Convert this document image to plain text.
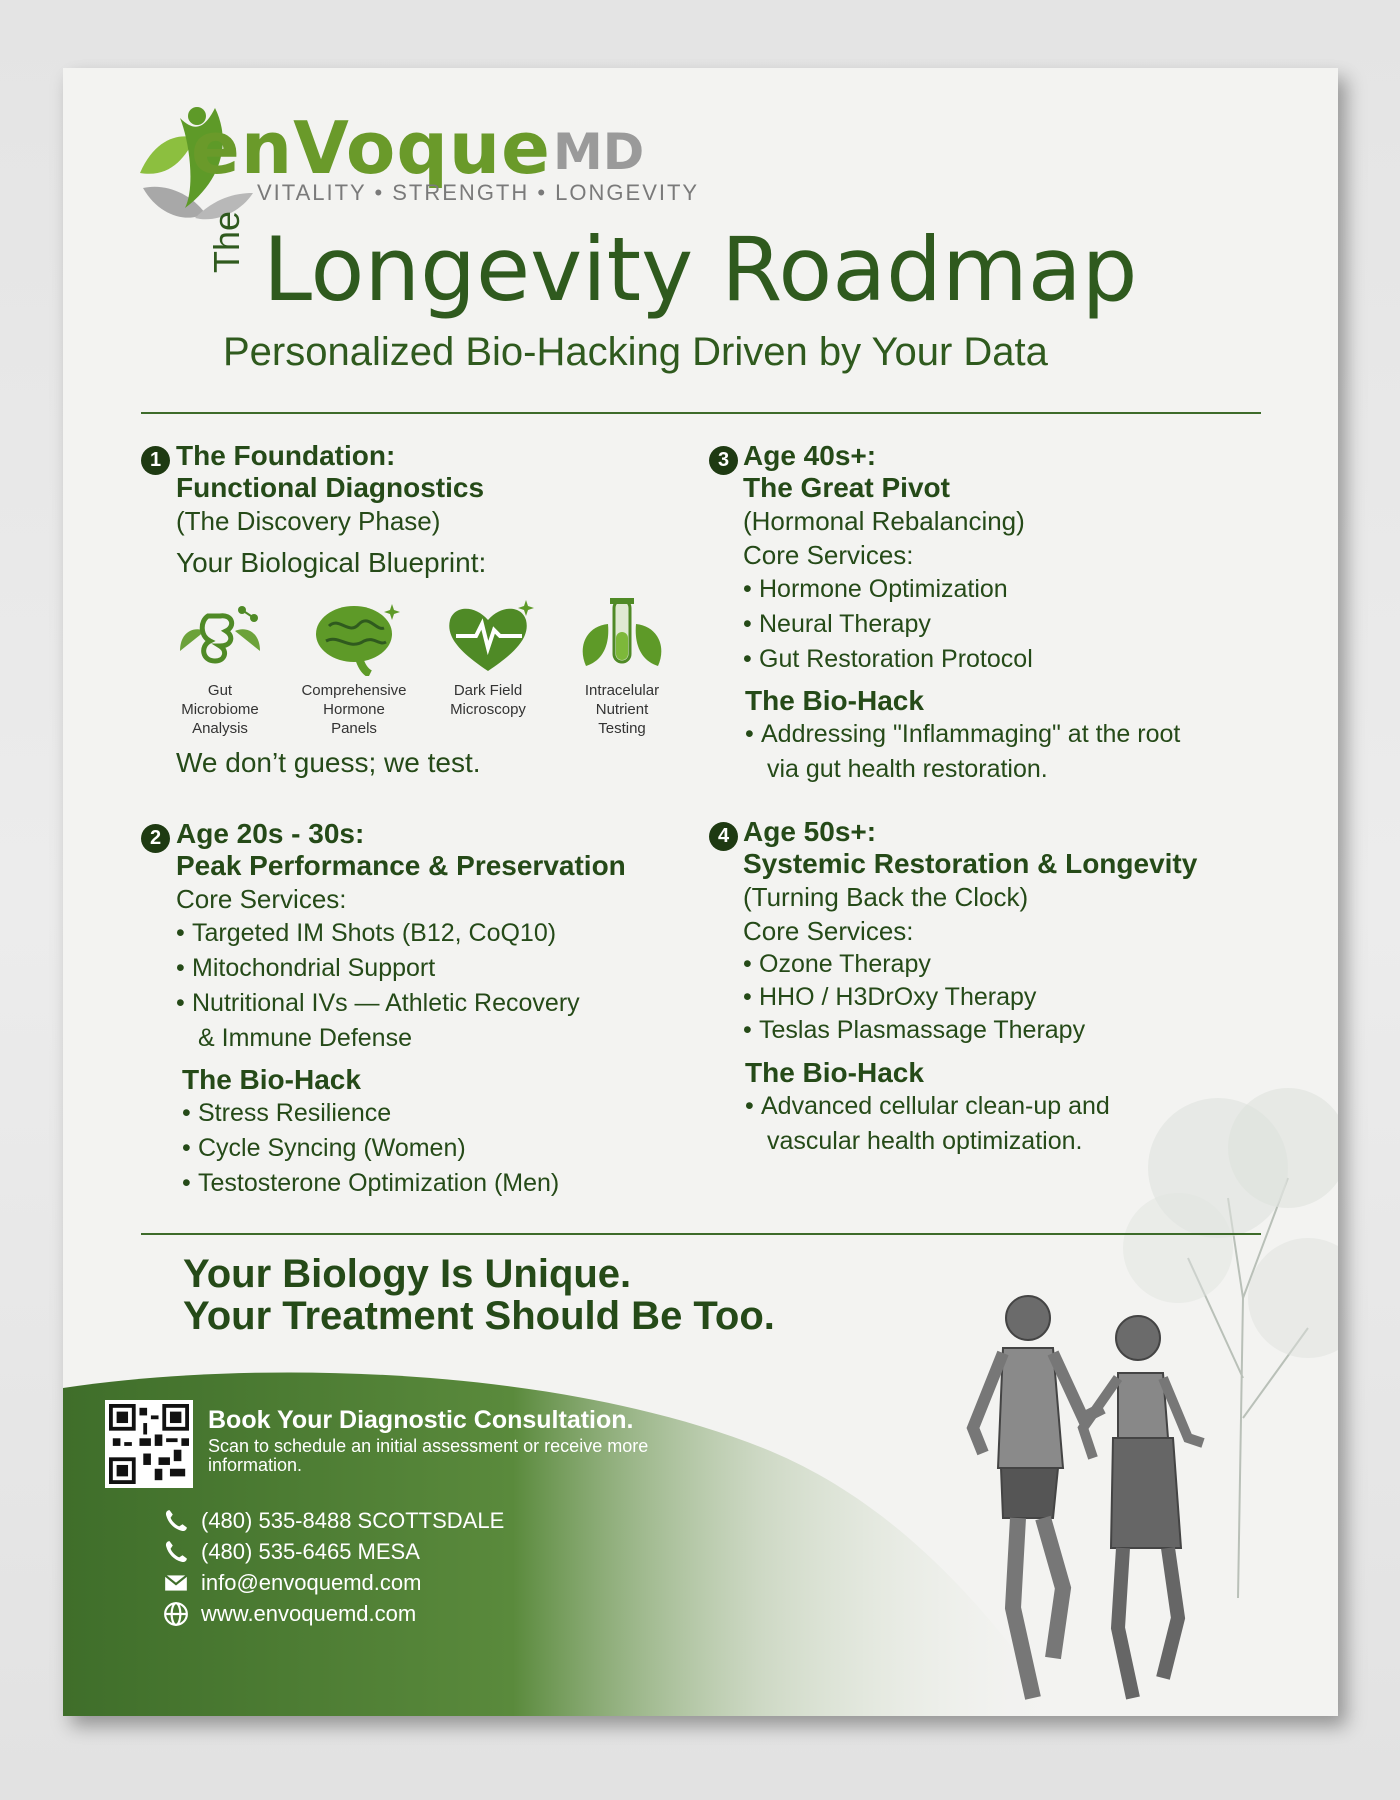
enVoque MD
VITALITY • STRENGTH • LONGEVITY
The Longevity Roadmap
Personalized Bio-Hacking Driven by Your Data
1 The Foundation:
Functional Diagnostics
(The Discovery Phase)
Your Biological Blueprint:
Gut
Microbiome
Analysis
Comprehensive
Hormone
Panels
Dark Field
Microscopy
Intracelular
Nutrient
Testing
We don’t guess; we test.
2 Age 20s - 30s:
Peak Performance & Preservation
Core Services:
• Targeted IM Shots (B12, CoQ10)
• Mitochondrial Support
• Nutritional IVs — Athletic Recovery
& Immune Defense
The Bio-Hack
• Stress Resilience
• Cycle Syncing (Women)
• Testosterone Optimization (Men)
3 Age 40s+:
The Great Pivot
(Hormonal Rebalancing)
Core Services:
• Hormone Optimization
• Neural Therapy
• Gut Restoration Protocol
The Bio-Hack
• Addressing "Inflammaging" at the root
via gut health restoration.
4 Age 50s+:
Systemic Restoration & Longevity
(Turning Back the Clock)
Core Services:
• Ozone Therapy
• HHO / H3DrOxy Therapy
• Teslas Plasmassage Therapy
The Bio-Hack
• Advanced cellular clean-up and
vascular health optimization.
Your Biology Is Unique.
Your Treatment Should Be Too.
Book Your Diagnostic Consultation.
Scan to schedule an initial assessment or receive more information.
(480) 535-8488 SCOTTSDALE
(480) 535-6465 MESA
info@envoquemd.com
www.envoquemd.com
